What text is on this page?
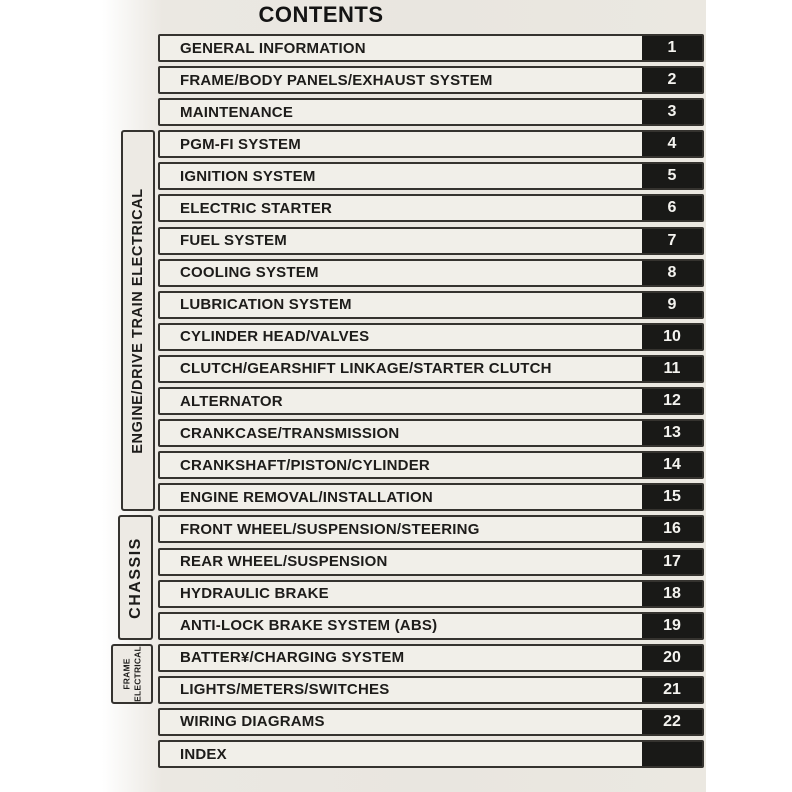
CONTENTS
ENGINE/DRIVE TRAIN ELECTRICAL
CHASSIS
FRAME ELECTRICAL
GENERAL INFORMATION	1
FRAME/BODY PANELS/EXHAUST SYSTEM	2
MAINTENANCE	3
PGM-FI SYSTEM	4
IGNITION SYSTEM	5
ELECTRIC STARTER	6
FUEL SYSTEM	7
COOLING SYSTEM	8
LUBRICATION SYSTEM	9
CYLINDER HEAD/VALVES	10
CLUTCH/GEARSHIFT LINKAGE/STARTER CLUTCH	11
ALTERNATOR	12
CRANKCASE/TRANSMISSION	13
CRANKSHAFT/PISTON/CYLINDER	14
ENGINE REMOVAL/INSTALLATION	15
FRONT WHEEL/SUSPENSION/STEERING	16
REAR WHEEL/SUSPENSION	17
HYDRAULIC BRAKE	18
ANTI-LOCK BRAKE SYSTEM (ABS)	19
BATTER¥/CHARGING SYSTEM	20
LIGHTS/METERS/SWITCHES	21
WIRING DIAGRAMS	22
INDEX
